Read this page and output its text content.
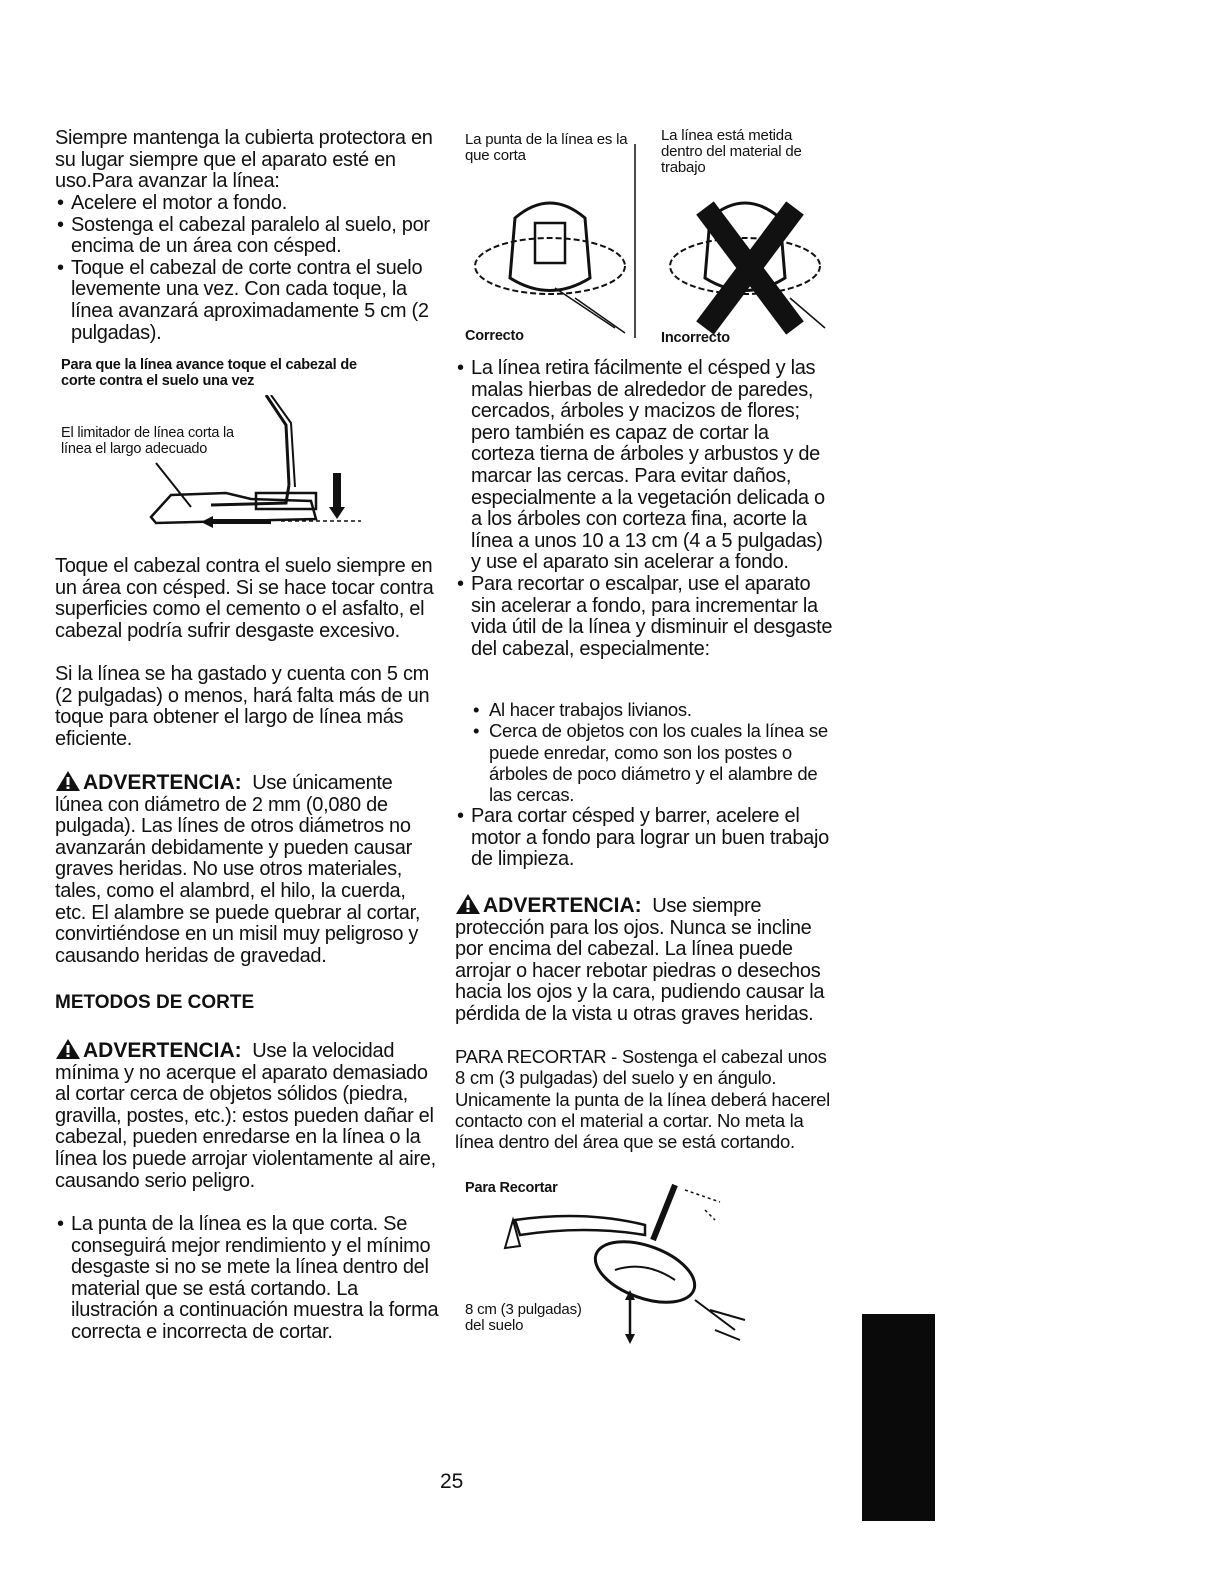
Siempre mantenga la cubierta protectora en su lugar siempre que el aparato esté en uso.Para avanzar la línea:

• Acelere el motor a fondo.
• Sostenga el cabezal paralelo al suelo, por encima de un área con césped.
• Toque el cabezal de corte contra el suelo levemente una vez. Con cada toque, la línea avanzará aproximadamente 5 cm (2 pulgadas).

Para que la línea avance toque el cabezal de corte contra el suelo una vez

El limitador de línea corta la línea el largo adecuado

Toque el cabezal contra el suelo siempre en un área con césped. Si se hace tocar contra superficies como el cemento o el asfalto, el cabezal podría sufrir desgaste excesivo.

Si la línea se ha gastado y cuenta con 5 cm (2 pulgadas) o menos, hará falta más de un toque para obtener el largo de línea más eficiente.

ADVERTENCIA: Use únicamente lúnea con diámetro de 2 mm (0,080 de pulgada). Las línes de otros diámetros no avanzarán debidamente y pueden causar graves heridas. No use otros materiales, tales, como el alambrd, el hilo, la cuerda, etc. El alambre se puede quebrar al cortar, convirtiéndose en un misil muy peligroso y causando heridas de gravedad.

METODOS DE CORTE

ADVERTENCIA: Use la velocidad mínima y no acerque el aparato demasiado al cortar cerca de objetos sólidos (piedra, gravilla, postes, etc.): estos pueden dañar el cabezal, pueden enredarse en la línea o la línea los puede arrojar violentamente al aire, causando serio peligro.

• La punta de la línea es la que corta. Se conseguirá mejor rendimiento y el mínimo desgaste si no se mete la línea dentro del material que se está cortando. La ilustración a continuación muestra la forma correcta e incorrecta de cortar.

La punta de la línea es la que corta

La línea está metida dentro del material de trabajo

Correcto	Incorrecto

• La línea retira fácilmente el césped y las malas hierbas de alrededor de paredes, cercados, árboles y macizos de flores; pero también es capaz de cortar la corteza tierna de árboles y arbustos y de marcar las cercas. Para evitar daños, especialmente a la vegetación delicada o a los árboles con corteza fina, acorte la línea a unos 10 a 13 cm (4 a 5 pulgadas) y use el aparato sin acelerar a fondo.
• Para recortar o escalpar, use el aparato sin acelerar a fondo, para incrementar la vida útil de la línea y disminuir el desgaste del cabezal, especialmente:
• Al hacer trabajos livianos.
• Cerca de objetos con los cuales la línea se puede enredar, como son los postes o árboles de poco diámetro y el alambre de las cercas.
• Para cortar césped y barrer, acelere el motor a fondo para lograr un buen trabajo de limpieza.

ADVERTENCIA: Use siempre protección para los ojos. Nunca se incline por encima del cabezal. La línea puede arrojar o hacer rebotar piedras o desechos hacia los ojos y la cara, pudiendo causar la pérdida de la vista u otras graves heridas.

PARA RECORTAR - Sostenga el cabezal unos 8 cm (3 pulgadas) del suelo y en ángulo. Unicamente la punta de la línea deberá hacerel contacto con el material a cortar. No meta la línea dentro del área que se está cortando.

Para Recortar

8 cm (3 pulgadas) del suelo

25
